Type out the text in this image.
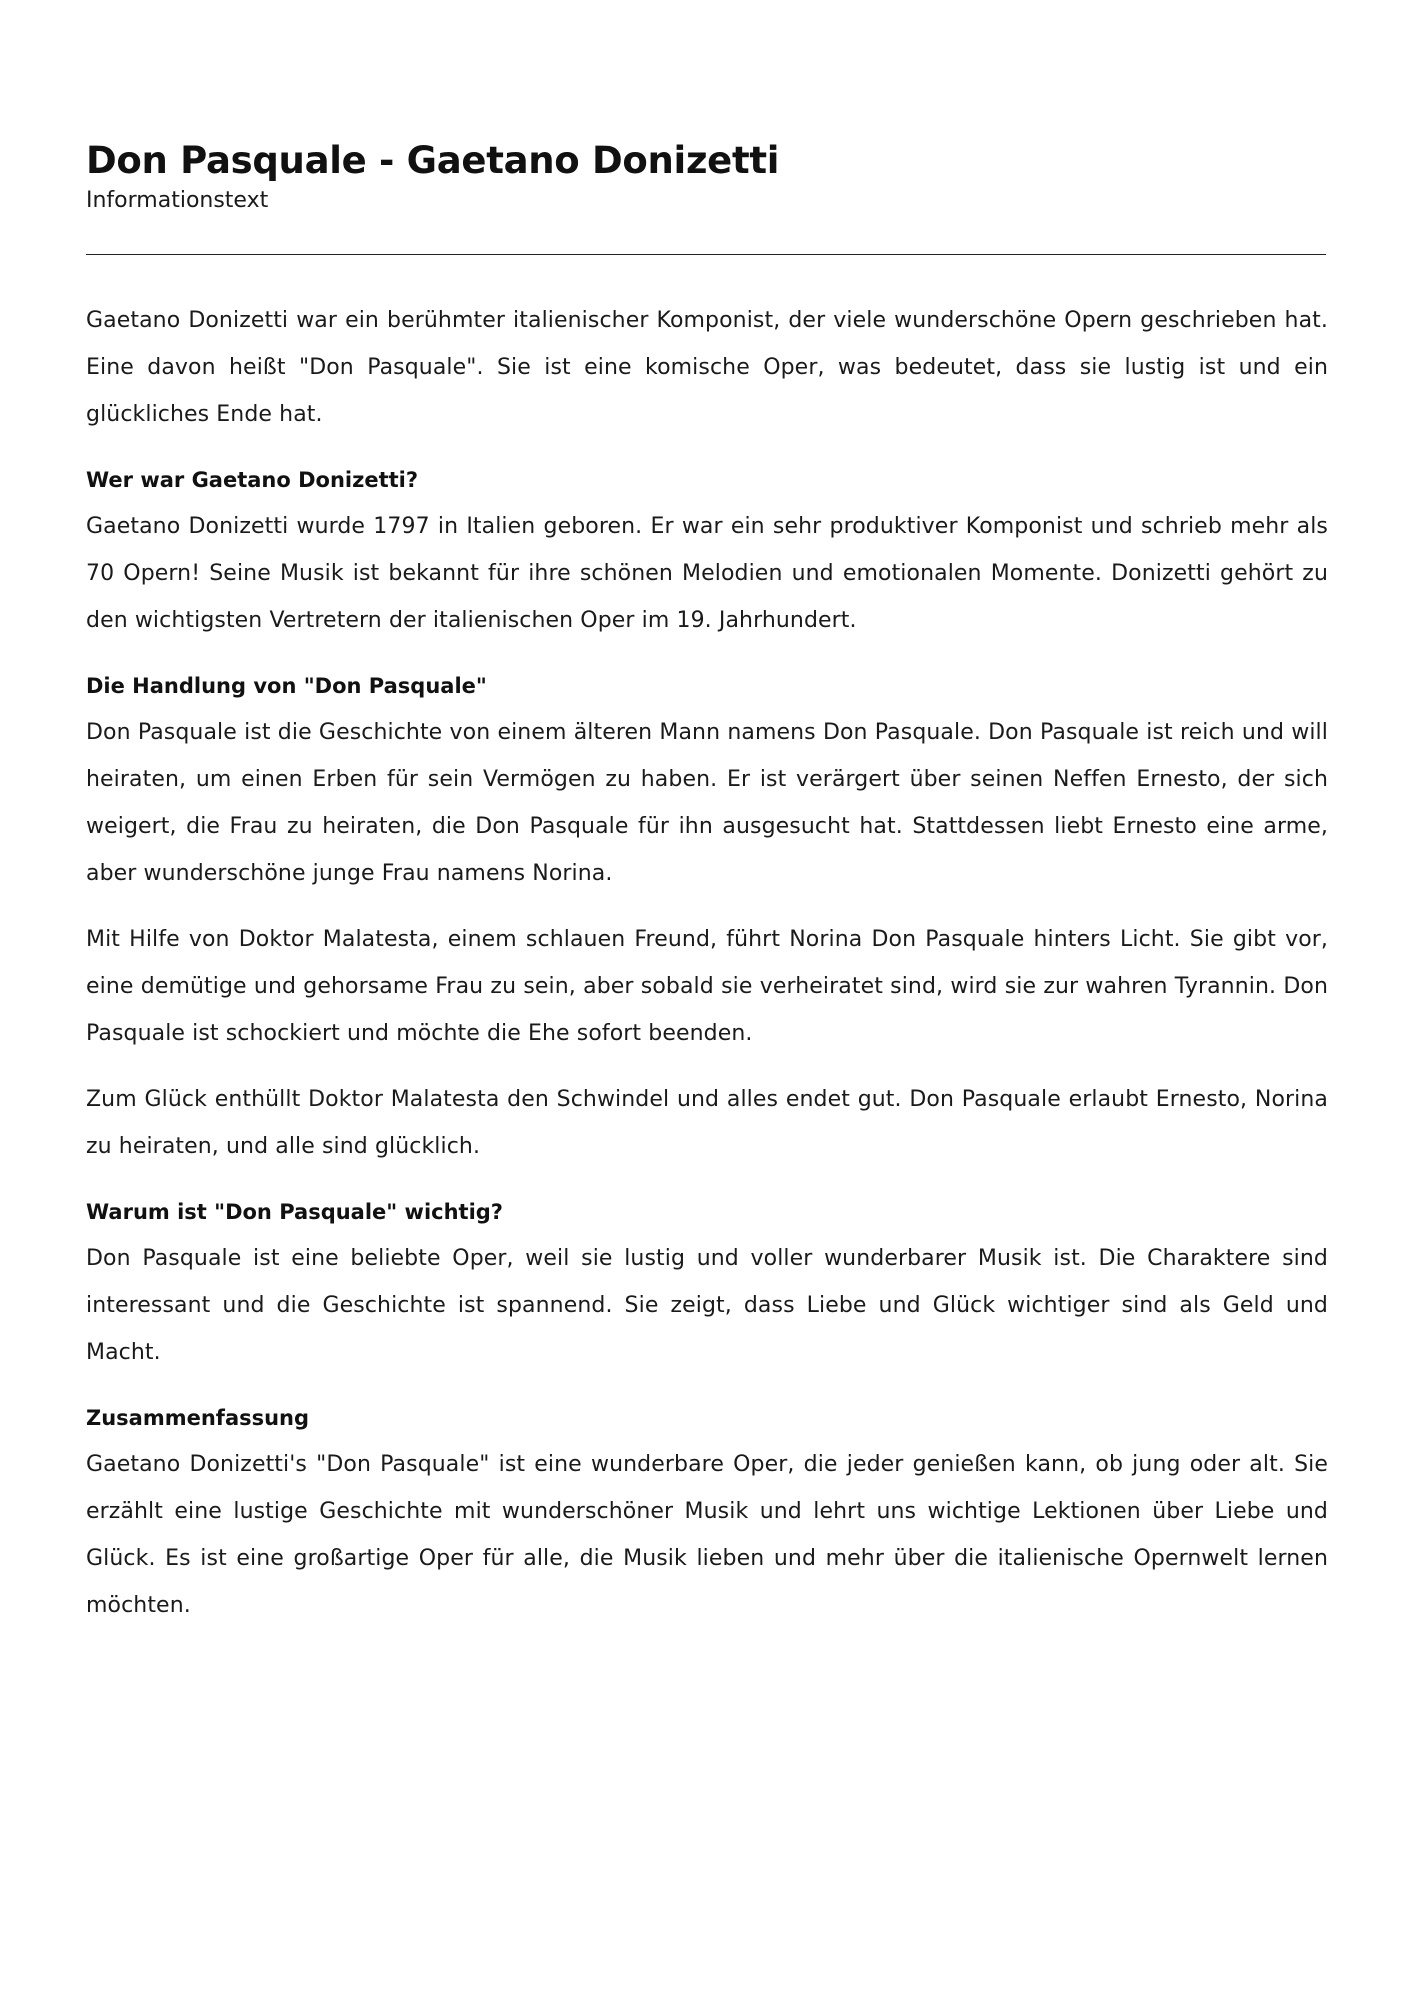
Don Pasquale - Gaetano Donizetti
Informationstext

Gaetano Donizetti war ein berühmter italienischer Komponist, der viele wunderschöne Opern geschrieben hat. Eine davon heißt "Don Pasquale". Sie ist eine komische Oper, was bedeutet, dass sie lustig ist und ein glückliches Ende hat.

Wer war Gaetano Donizetti?

Gaetano Donizetti wurde 1797 in Italien geboren. Er war ein sehr produktiver Komponist und schrieb mehr als 70 Opern! Seine Musik ist bekannt für ihre schönen Melodien und emotionalen Momente. Donizetti gehört zu den wichtigsten Vertretern der italienischen Oper im 19. Jahrhundert.

Die Handlung von "Don Pasquale"

Don Pasquale ist die Geschichte von einem älteren Mann namens Don Pasquale. Don Pasquale ist reich und will heiraten, um einen Erben für sein Vermögen zu haben. Er ist verärgert über seinen Neffen Ernesto, der sich weigert, die Frau zu heiraten, die Don Pasquale für ihn ausgesucht hat. Stattdessen liebt Ernesto eine arme, aber wunderschöne junge Frau namens Norina.

Mit Hilfe von Doktor Malatesta, einem schlauen Freund, führt Norina Don Pasquale hinters Licht. Sie gibt vor, eine demütige und gehorsame Frau zu sein, aber sobald sie verheiratet sind, wird sie zur wahren Tyrannin. Don Pasquale ist schockiert und möchte die Ehe sofort beenden.

Zum Glück enthüllt Doktor Malatesta den Schwindel und alles endet gut. Don Pasquale erlaubt Ernesto, Norina zu heiraten, und alle sind glücklich.

Warum ist "Don Pasquale" wichtig?

Don Pasquale ist eine beliebte Oper, weil sie lustig und voller wunderbarer Musik ist. Die Charaktere sind interessant und die Geschichte ist spannend. Sie zeigt, dass Liebe und Glück wichtiger sind als Geld und Macht.

Zusammenfassung

Gaetano Donizetti's "Don Pasquale" ist eine wunderbare Oper, die jeder genießen kann, ob jung oder alt. Sie erzählt eine lustige Geschichte mit wunderschöner Musik und lehrt uns wichtige Lektionen über Liebe und Glück. Es ist eine großartige Oper für alle, die Musik lieben und mehr über die italienische Opernwelt lernen möchten.
